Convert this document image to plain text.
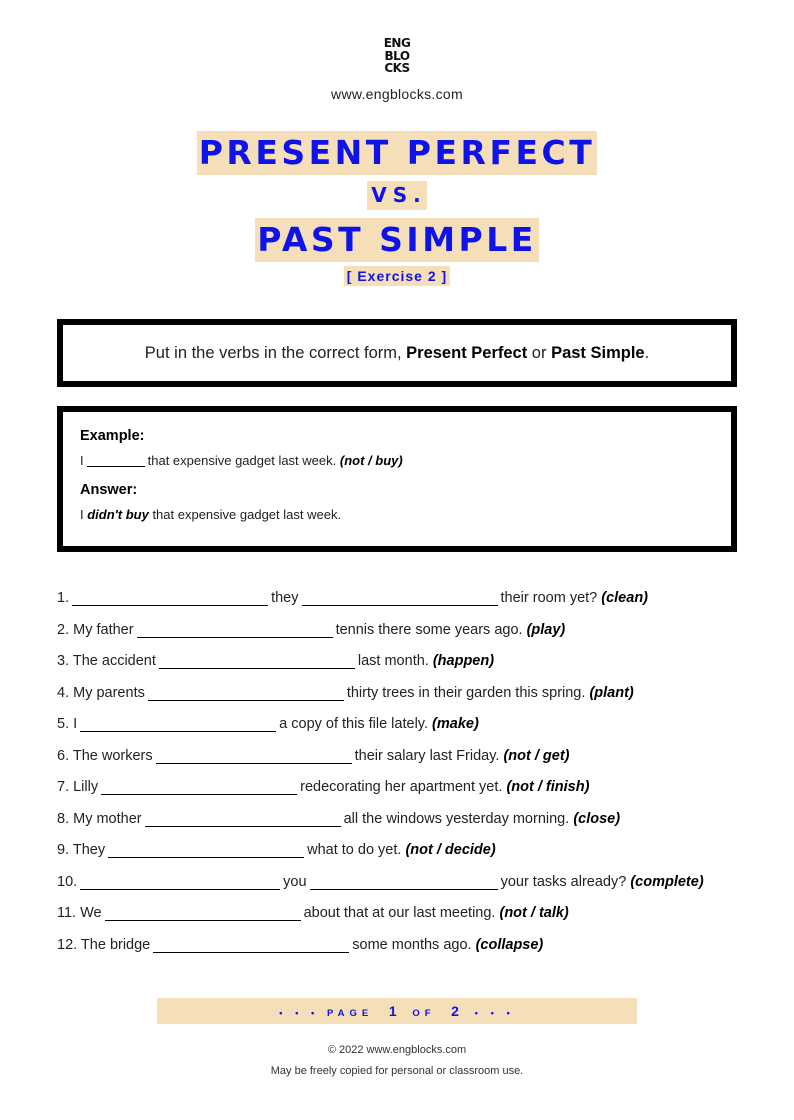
ENG
BLO
CKS
www.engblocks.com
PRESENT PERFECT
VS.
PAST SIMPLE
[ Exercise 2 ]
Put in the verbs in the correct form, Present Perfect or Past Simple.
Example:
I	that expensive gadget last week. (not / buy)
Answer:
I didn't buy that expensive gadget last week.
1.	they	their room yet? (clean)
2. My father	tennis there some years ago. (play)
3. The accident	last month. (happen)
4. My parents	thirty trees in their garden this spring. (plant)
5. I	a copy of this file lately. (make)
6. The workers	their salary last Friday. (not / get)
7. Lilly	redecorating her apartment yet. (not / finish)
8. My mother	all the windows yesterday morning. (close)
9. They	what to do yet. (not / decide)
10.	you	your tasks already? (complete)
11. We	about that at our last meeting. (not / talk)
12. The bridge	some months ago. (collapse)
• • • PAGE 1 OF 2 • • •
© 2022 www.engblocks.com
May be freely copied for personal or classroom use.
